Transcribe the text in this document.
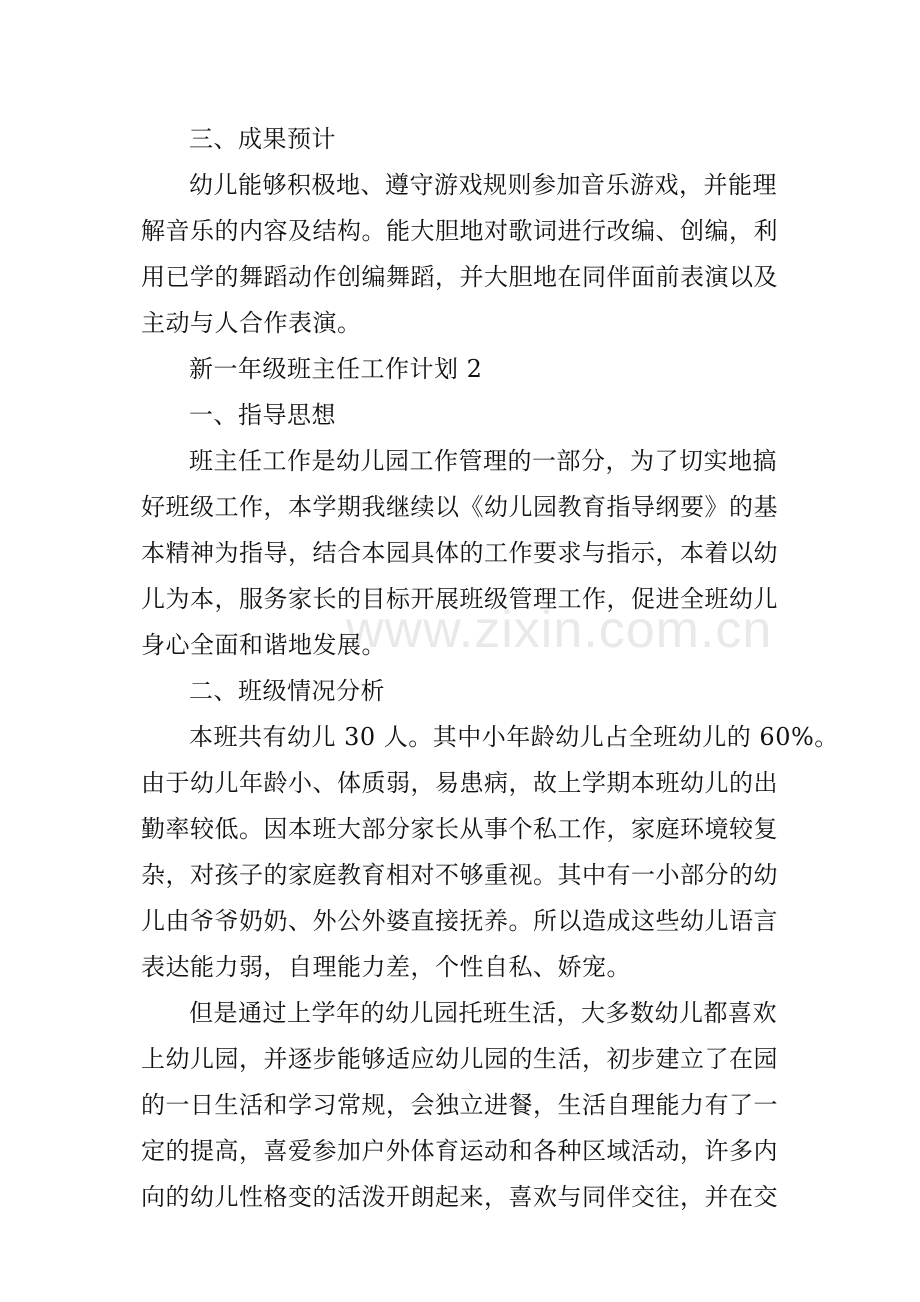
三、成果预计

幼儿能够积极地、遵守游戏规则参加音乐游戏，并能理

解音乐的内容及结构。能大胆地对歌词进行改编、创编，利

用已学的舞蹈动作创编舞蹈，并大胆地在同伴面前表演以及

主动与人合作表演。

新一年级班主任工作计划 2

一、指导思想

班主任工作是幼儿园工作管理的一部分，为了切实地搞

好班级工作，本学期我继续以《幼儿园教育指导纲要》的基

本精神为指导，结合本园具体的工作要求与指示，本着以幼

儿为本，服务家长的目标开展班级管理工作，促进全班幼儿

身心全面和谐地发展。

二、班级情况分析

本班共有幼儿 30 人。其中小年龄幼儿占全班幼儿的 60%。

由于幼儿年龄小、体质弱，易患病，故上学期本班幼儿的出

勤率较低。因本班大部分家长从事个私工作，家庭环境较复

杂，对孩子的家庭教育相对不够重视。其中有一小部分的幼

儿由爷爷奶奶、外公外婆直接抚养。所以造成这些幼儿语言

表达能力弱，自理能力差，个性自私、娇宠。

但是通过上学年的幼儿园托班生活，大多数幼儿都喜欢

上幼儿园，并逐步能够适应幼儿园的生活，初步建立了在园

的一日生活和学习常规，会独立进餐，生活自理能力有了一

定的提高，喜爱参加户外体育运动和各种区域活动，许多内

向的幼儿性格变的活泼开朗起来，喜欢与同伴交往，并在交

www.zixin.com.cn
